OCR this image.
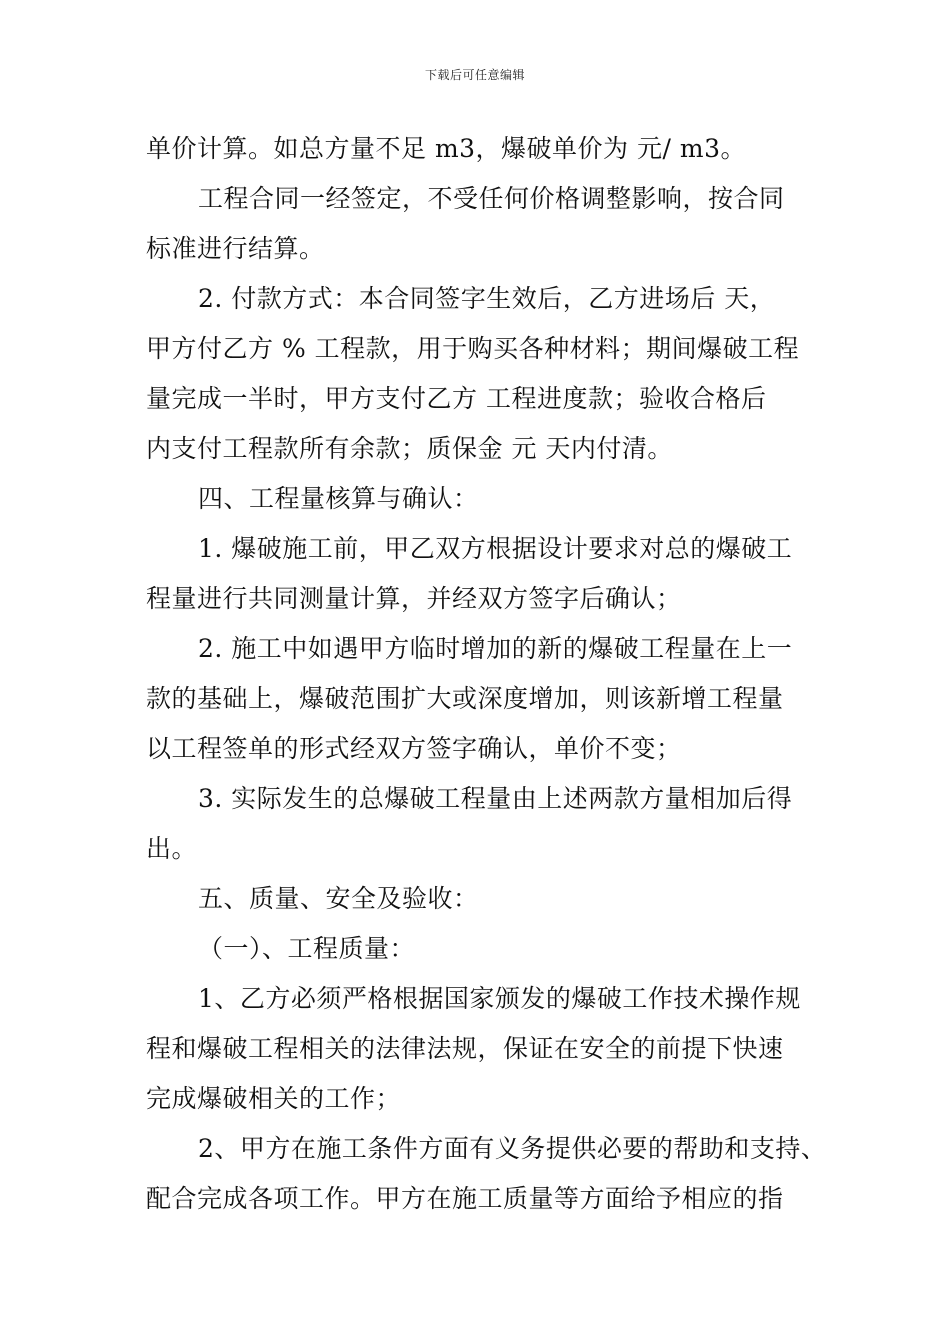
下载后可任意编辑
单价计算。如总方量不足 m3，爆破单价为 元/ m3。
工程合同一经签定，不受任何价格调整影响，按合同
标准进行结算。
2. 付款方式：本合同签字生效后，乙方进场后 天，
甲方付乙方 % 工程款，用于购买各种材料；期间爆破工程
量完成一半时，甲方支付乙方 工程进度款；验收合格后
内支付工程款所有余款；质保金 元 天内付清。
四、工程量核算与确认：
1. 爆破施工前，甲乙双方根据设计要求对总的爆破工
程量进行共同测量计算，并经双方签字后确认；
2. 施工中如遇甲方临时增加的新的爆破工程量在上一
款的基础上，爆破范围扩大或深度增加，则该新增工程量
以工程签单的形式经双方签字确认，单价不变；
3. 实际发生的总爆破工程量由上述两款方量相加后得
出。
五、质量、安全及验收：
（一）、工程质量：
1、乙方必须严格根据国家颁发的爆破工作技术操作规
程和爆破工程相关的法律法规，保证在安全的前提下快速
完成爆破相关的工作；
2、甲方在施工条件方面有义务提供必要的帮助和支持、
配合完成各项工作。甲方在施工质量等方面给予相应的指
